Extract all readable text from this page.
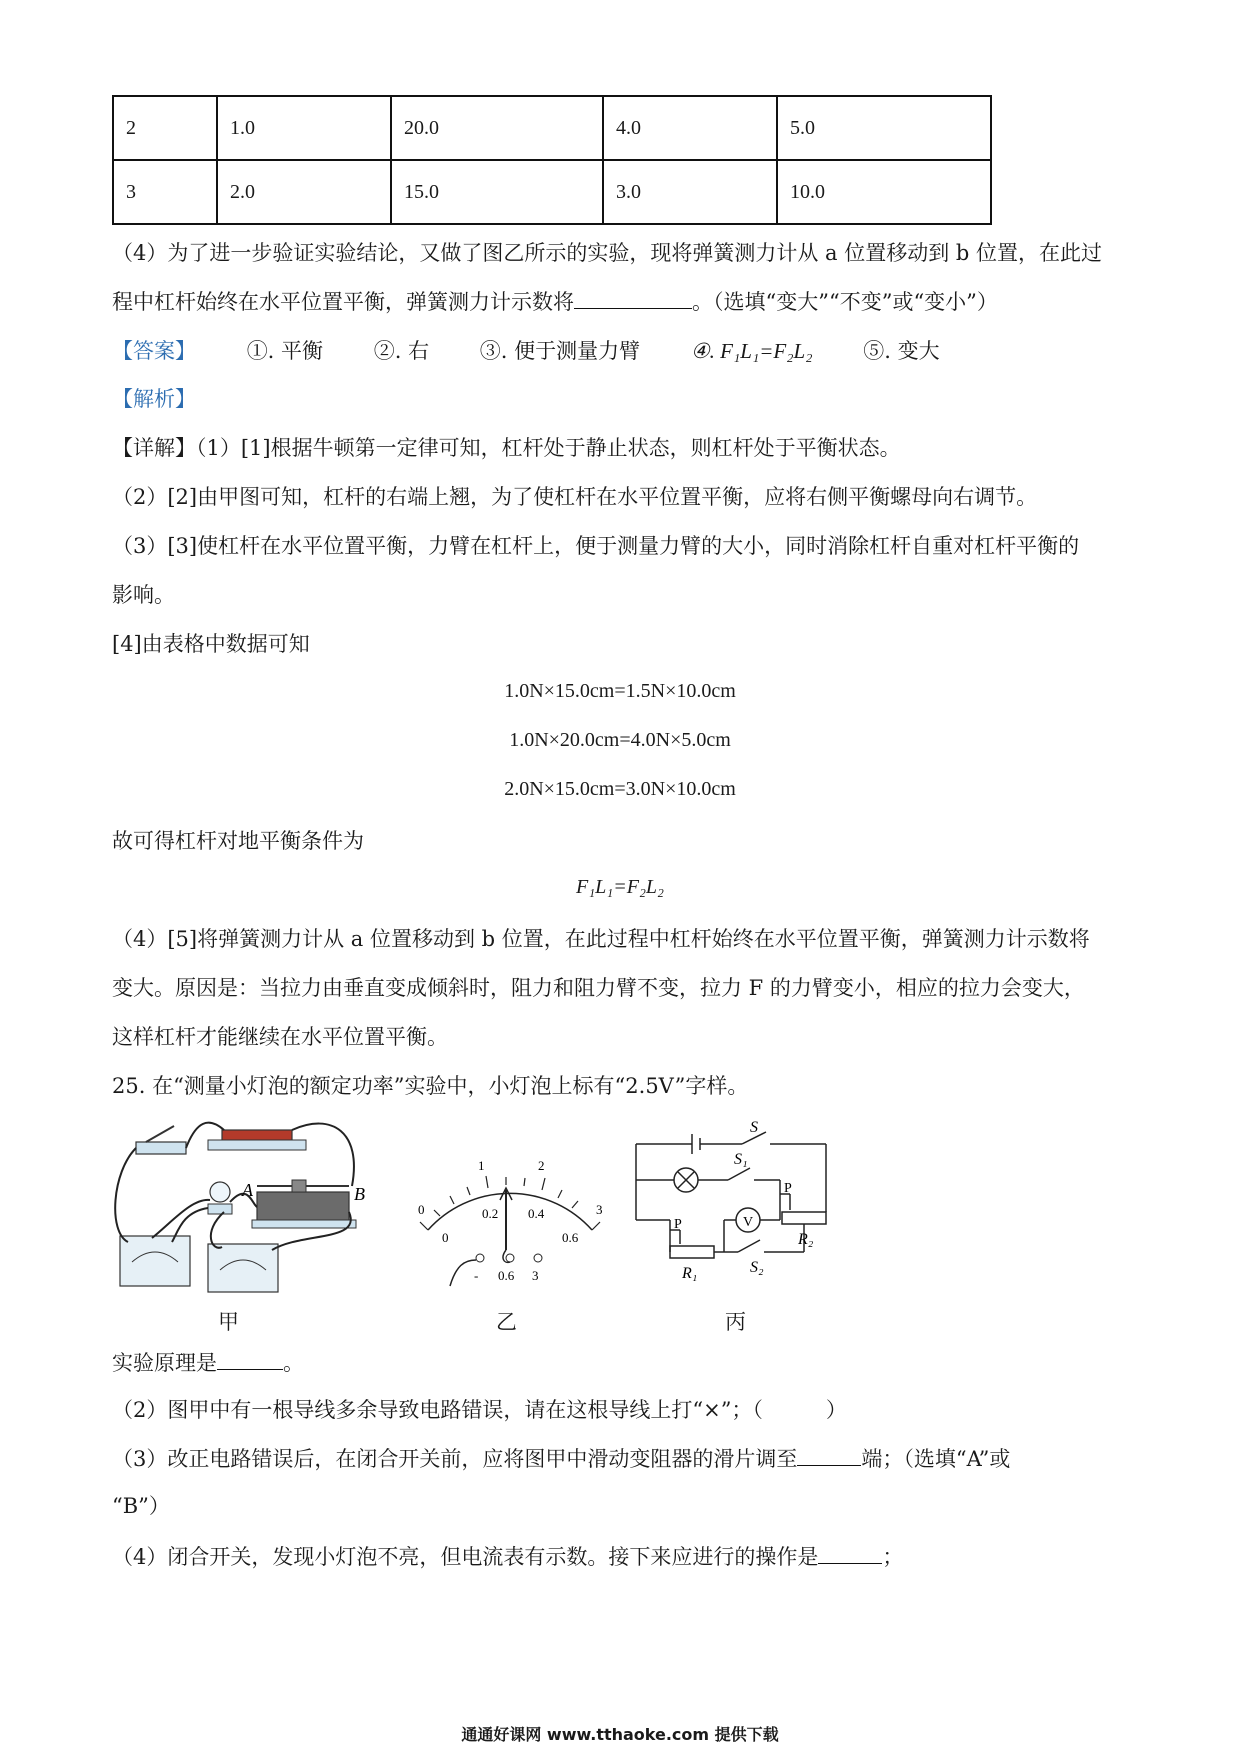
2	1.0	20.0	4.0	5.0
3	2.0	15.0	3.0	10.0
（4）为了进一步验证实验结论，又做了图乙所示的实验，现将弹簧测力计从 a 位置移动到 b 位置，在此过
程中杠杆始终在水平位置平衡，弹簧测力计示数将	。（选填“变大”“不变”或“变小”）
【答案】 ①. 平衡 ②. 右 ③. 便于测量力臂 ④. F₁L₁=F₂L₂ ⑤. 变大
【解析】
【详解】（1）[1]根据牛顿第一定律可知，杠杆处于静止状态，则杠杆处于平衡状态。
（2）[2]由甲图可知，杠杆的右端上翘，为了使杠杆在水平位置平衡，应将右侧平衡螺母向右调节。
（3）[3]使杠杆在水平位置平衡，力臂在杠杆上，便于测量力臂的大小，同时消除杠杆自重对杠杆平衡的
影响。
[4]由表格中数据可知
1.0N×15.0cm=1.5N×10.0cm
1.0N×20.0cm=4.0N×5.0cm
2.0N×15.0cm=3.0N×10.0cm
故可得杠杆对地平衡条件为
F₁L₁=F₂L₂
（4）[5]将弹簧测力计从 a 位置移动到 b 位置，在此过程中杠杆始终在水平位置平衡，弹簧测力计示数将
变大。原因是：当拉力由垂直变成倾斜时，阻力和阻力臂不变，拉力 F 的力臂变小，相应的拉力会变大，
这样杠杆才能继续在水平位置平衡。
25. 在“测量小灯泡的额定功率”实验中，小灯泡上标有“2.5V”字样。
A	B
甲
0
1	2
3
0
0.2 0.4
0.6
- 0.6 3
乙
S
S₁
V
P
R₂
P
R₁	S₂
丙
实验原理是	。
（2）图甲中有一根导线多余导致电路错误，请在这根导线上打“×”；（　　　）
（3）改正电路错误后，在闭合开关前，应将图甲中滑动变阻器的滑片调至	端；（选填“A”或
“B”）
（4）闭合开关，发现小灯泡不亮，但电流表有示数。接下来应进行的操作是	；
通通好课网 www.tthaoke.com 提供下载
